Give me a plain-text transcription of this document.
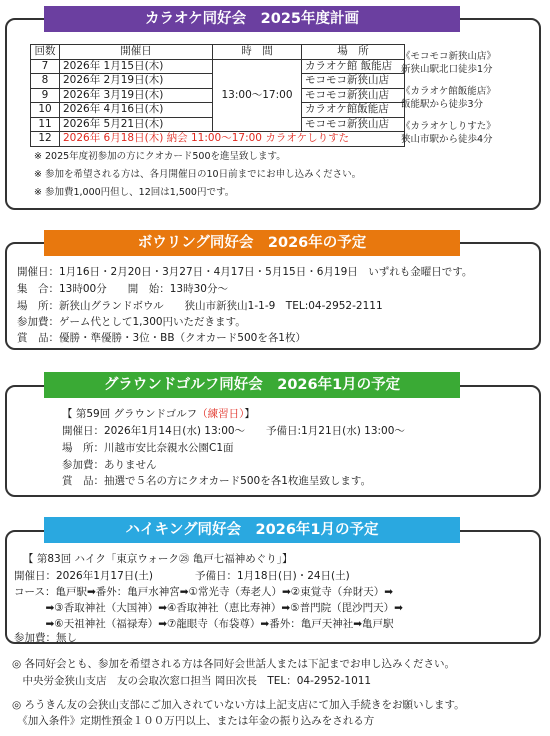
カラオケ同好会　2025年度計画
回数	開催日	時　間	場　所
7	2026年 1月15日(木)	13:00〜17:00	カラオケ館 飯能店
8	2026年 2月19日(木)		モコモコ新狭山店
9	2026年 3月19日(木)		モコモコ新狭山店
10	2026年 4月16日(木)		カラオケ館飯能店
11	2026年 5月21日(木)		モコモコ新狭山店
12	2026年 6月18日(木) 納会 11:00〜17:00 カラオケしりすた		
《モコモコ新狭山店》
新狭山駅北口徒歩1分
《カラオケ館飯能店》
飯能駅から徒歩3分
《カラオケしりすた》
狭山市駅から徒歩4分
※ 2025年度初参加の方にクオカード500を進呈致します。
※ 参加を希望される方は、各月開催日の10日前までにお申し込みください。
※ 参加費1,000円但し、12回は1,500円です。
ボウリング同好会　2026年の予定
開催日：1月16日・2月20日・3月27日・4月17日・5月15日・6月19日　いずれも金曜日です。
集　合：13時00分　　開　始：13時30分〜
場　所：新狭山グランドボウル　　狭山市新狭山1-1-9　TEL:04-2952-2111
参加費：ゲーム代として1,300円いただきます。
賞　品：優勝・準優勝・3位・BB（クオカード500を各1枚）
グラウンドゴルフ同好会　2026年1月の予定
【 第59回 グラウンドゴルフ（練習日）】
開催日：2026年1月14日(水) 13:00〜　　予備日:1月21日(水) 13:00〜
場　所：川越市安比奈親水公園C1面
参加費：ありません
賞　品：抽選で５名の方にクオカード500を各1枚進呈致します。
ハイキング同好会　2026年1月の予定
【 第83回 ハイク「東京ウォーク㉘ 亀戸七福神めぐり」】
開催日：2026年1月17日(土)　　　　予備日：1月18日(日)・24日(土)
コース：亀戸駅➡番外：亀戸水神宮➡①常光寺（寿老人）➡②東覚寺（弁財天）➡
　　　➡③香取神社（大国神）➡④香取神社（恵比寿神）➡⑤普門院（毘沙門天）➡
　　　➡⑥天祖神社（福禄寿）➡⑦龍眼寺（布袋尊）➡番外：亀戸天神社➡亀戸駅
参加費：無し
◎ 各同好会とも、参加を希望される方は各同好会世話人または下記までお申し込みください。
　中央労金狭山支店　友の会取次窓口担当 岡田次長　TEL：04-2952-1011
◎ ろうきん友の会狭山支部にご加入されていない方は上記支店にて加入手続きをお願いします。
　《加入条件》定期性預金１００万円以上、または年金の振り込みをされる方
